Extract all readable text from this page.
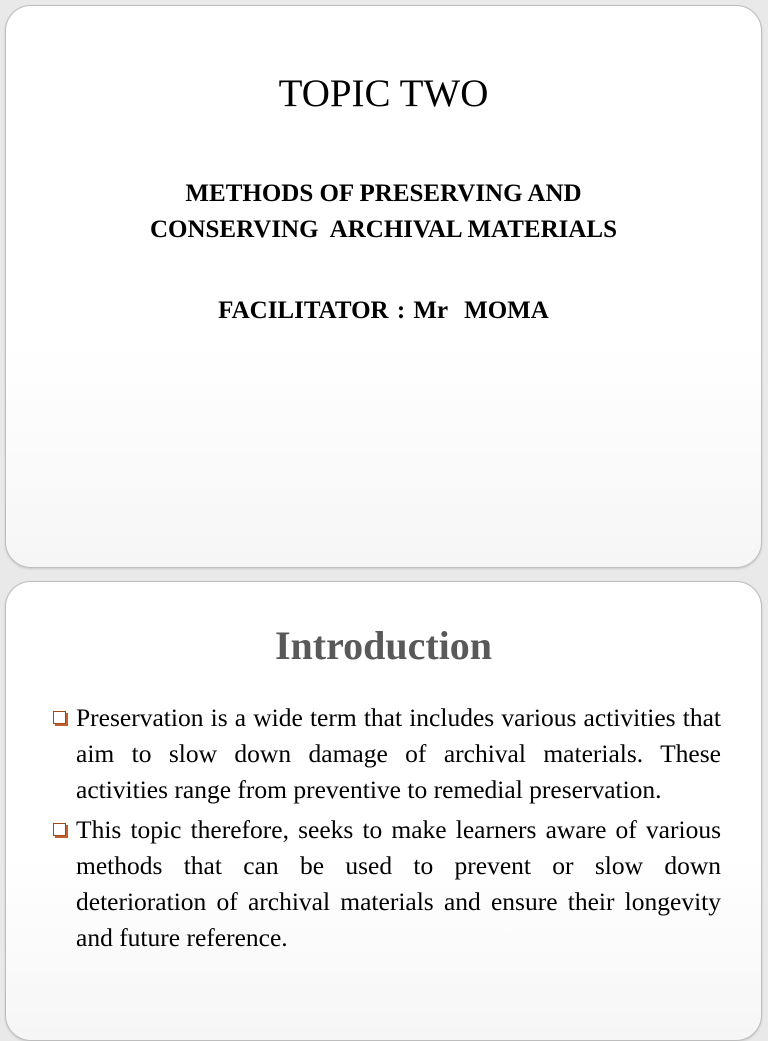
TOPIC TWO
METHODS OF PRESERVING AND
CONSERVING  ARCHIVAL MATERIALS
FACILITATOR : Mr  MOMA
Introduction
Preservation is a wide term that includes various activities that aim to slow down damage of archival materials. These activities range from preventive to remedial preservation.
This topic therefore, seeks to make learners aware of various methods that can be used to prevent or slow down deterioration of archival materials and ensure their longevity and future reference.
